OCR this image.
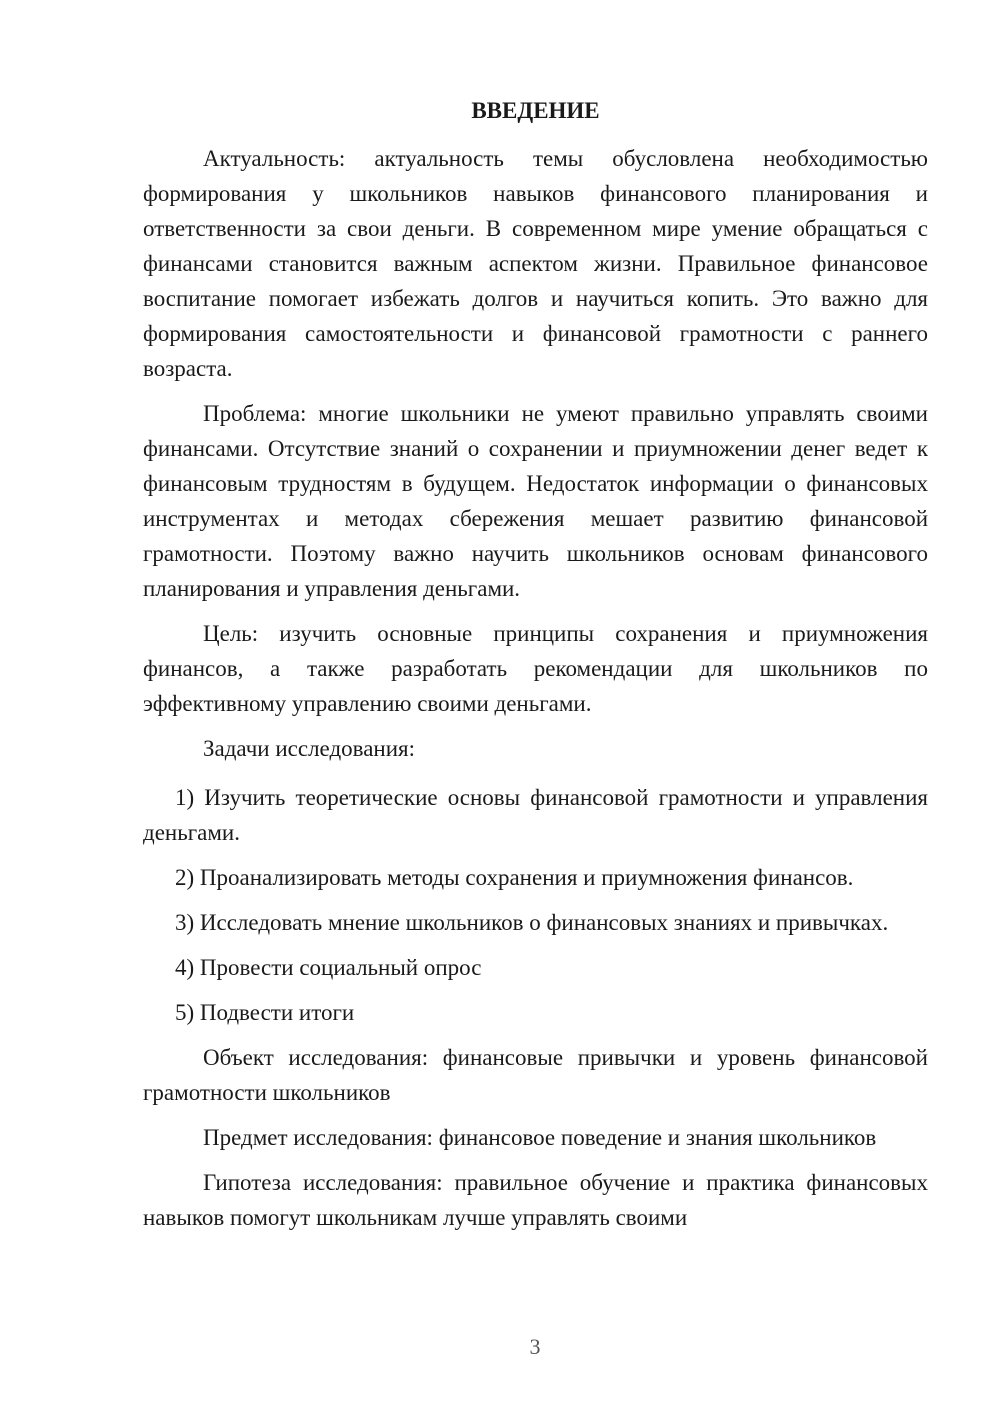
ВВЕДЕНИЕ

Актуальность: актуальность темы обусловлена необходимостью формирования у школьников навыков финансового планирования и ответственности за свои деньги. В современном мире умение обращаться с финансами становится важным аспектом жизни. Правильное финансовое воспитание помогает избежать долгов и научиться копить. Это важно для формирования самостоятельности и финансовой грамотности с раннего возраста.

Проблема: многие школьники не умеют правильно управлять своими финансами. Отсутствие знаний о сохранении и приумножении денег ведет к финансовым трудностям в будущем. Недостаток информации о финансовых инструментах и методах сбережения мешает развитию финансовой грамотности. Поэтому важно научить школьников основам финансового планирования и управления деньгами.

Цель: изучить основные принципы сохранения и приумножения финансов, а также разработать рекомендации для школьников по эффективному управлению своими деньгами.

Задачи исследования:

1) Изучить теоретические основы финансовой грамотности и управления деньгами.

2) Проанализировать методы сохранения и приумножения финансов.

3) Исследовать мнение школьников о финансовых знаниях и привычках.

4) Провести социальный опрос

5) Подвести итоги

Объект исследования: финансовые привычки и уровень финансовой грамотности школьников

Предмет исследования: финансовое поведение и знания школьников

Гипотеза исследования: правильное обучение и практика финансовых навыков помогут школьникам лучше управлять своими

3
